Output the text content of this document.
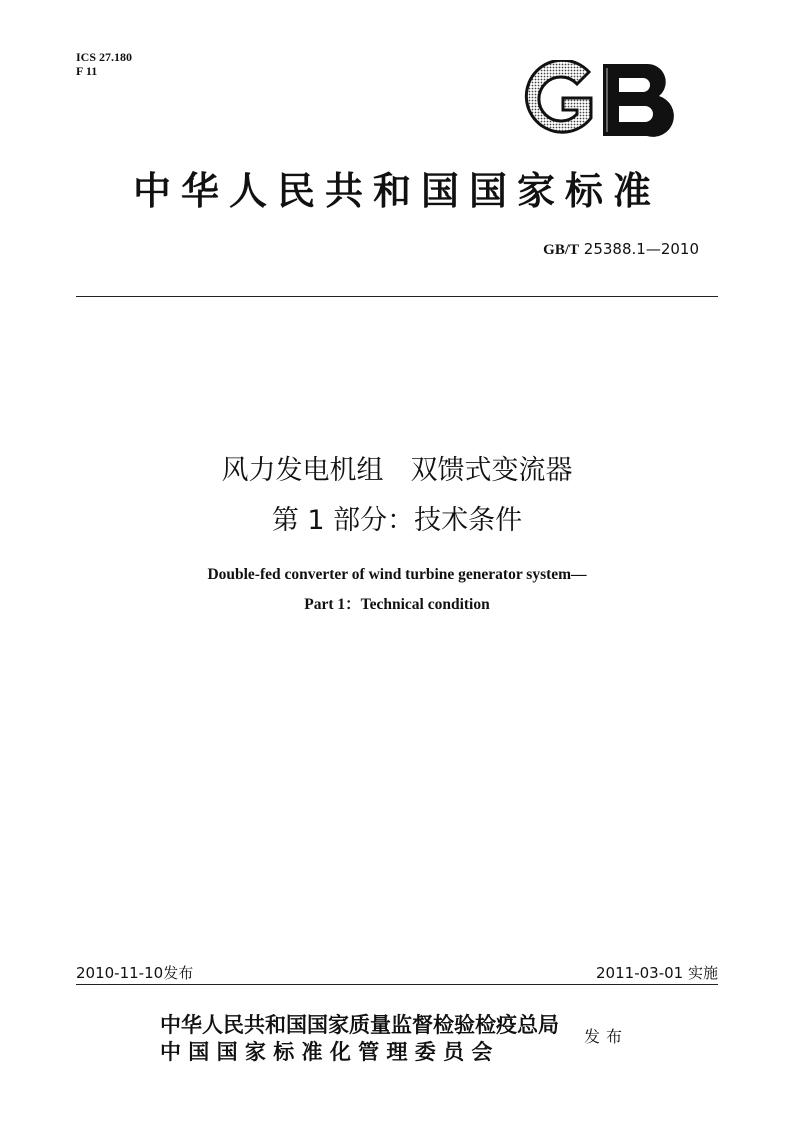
ICS 27.180
F 11
中华人民共和国国家标准
GB/T 25388.1—2010
风力发电机组　双馈式变流器
第 1 部分：技术条件
Double-fed converter of wind turbine generator system—
Part 1：Technical condition
2010-11-10发布	2011-03-01 实施
中华人民共和国国家质量监督检验检疫总局
中 国 国 家 标 准 化 管 理 委 员 会
发布
